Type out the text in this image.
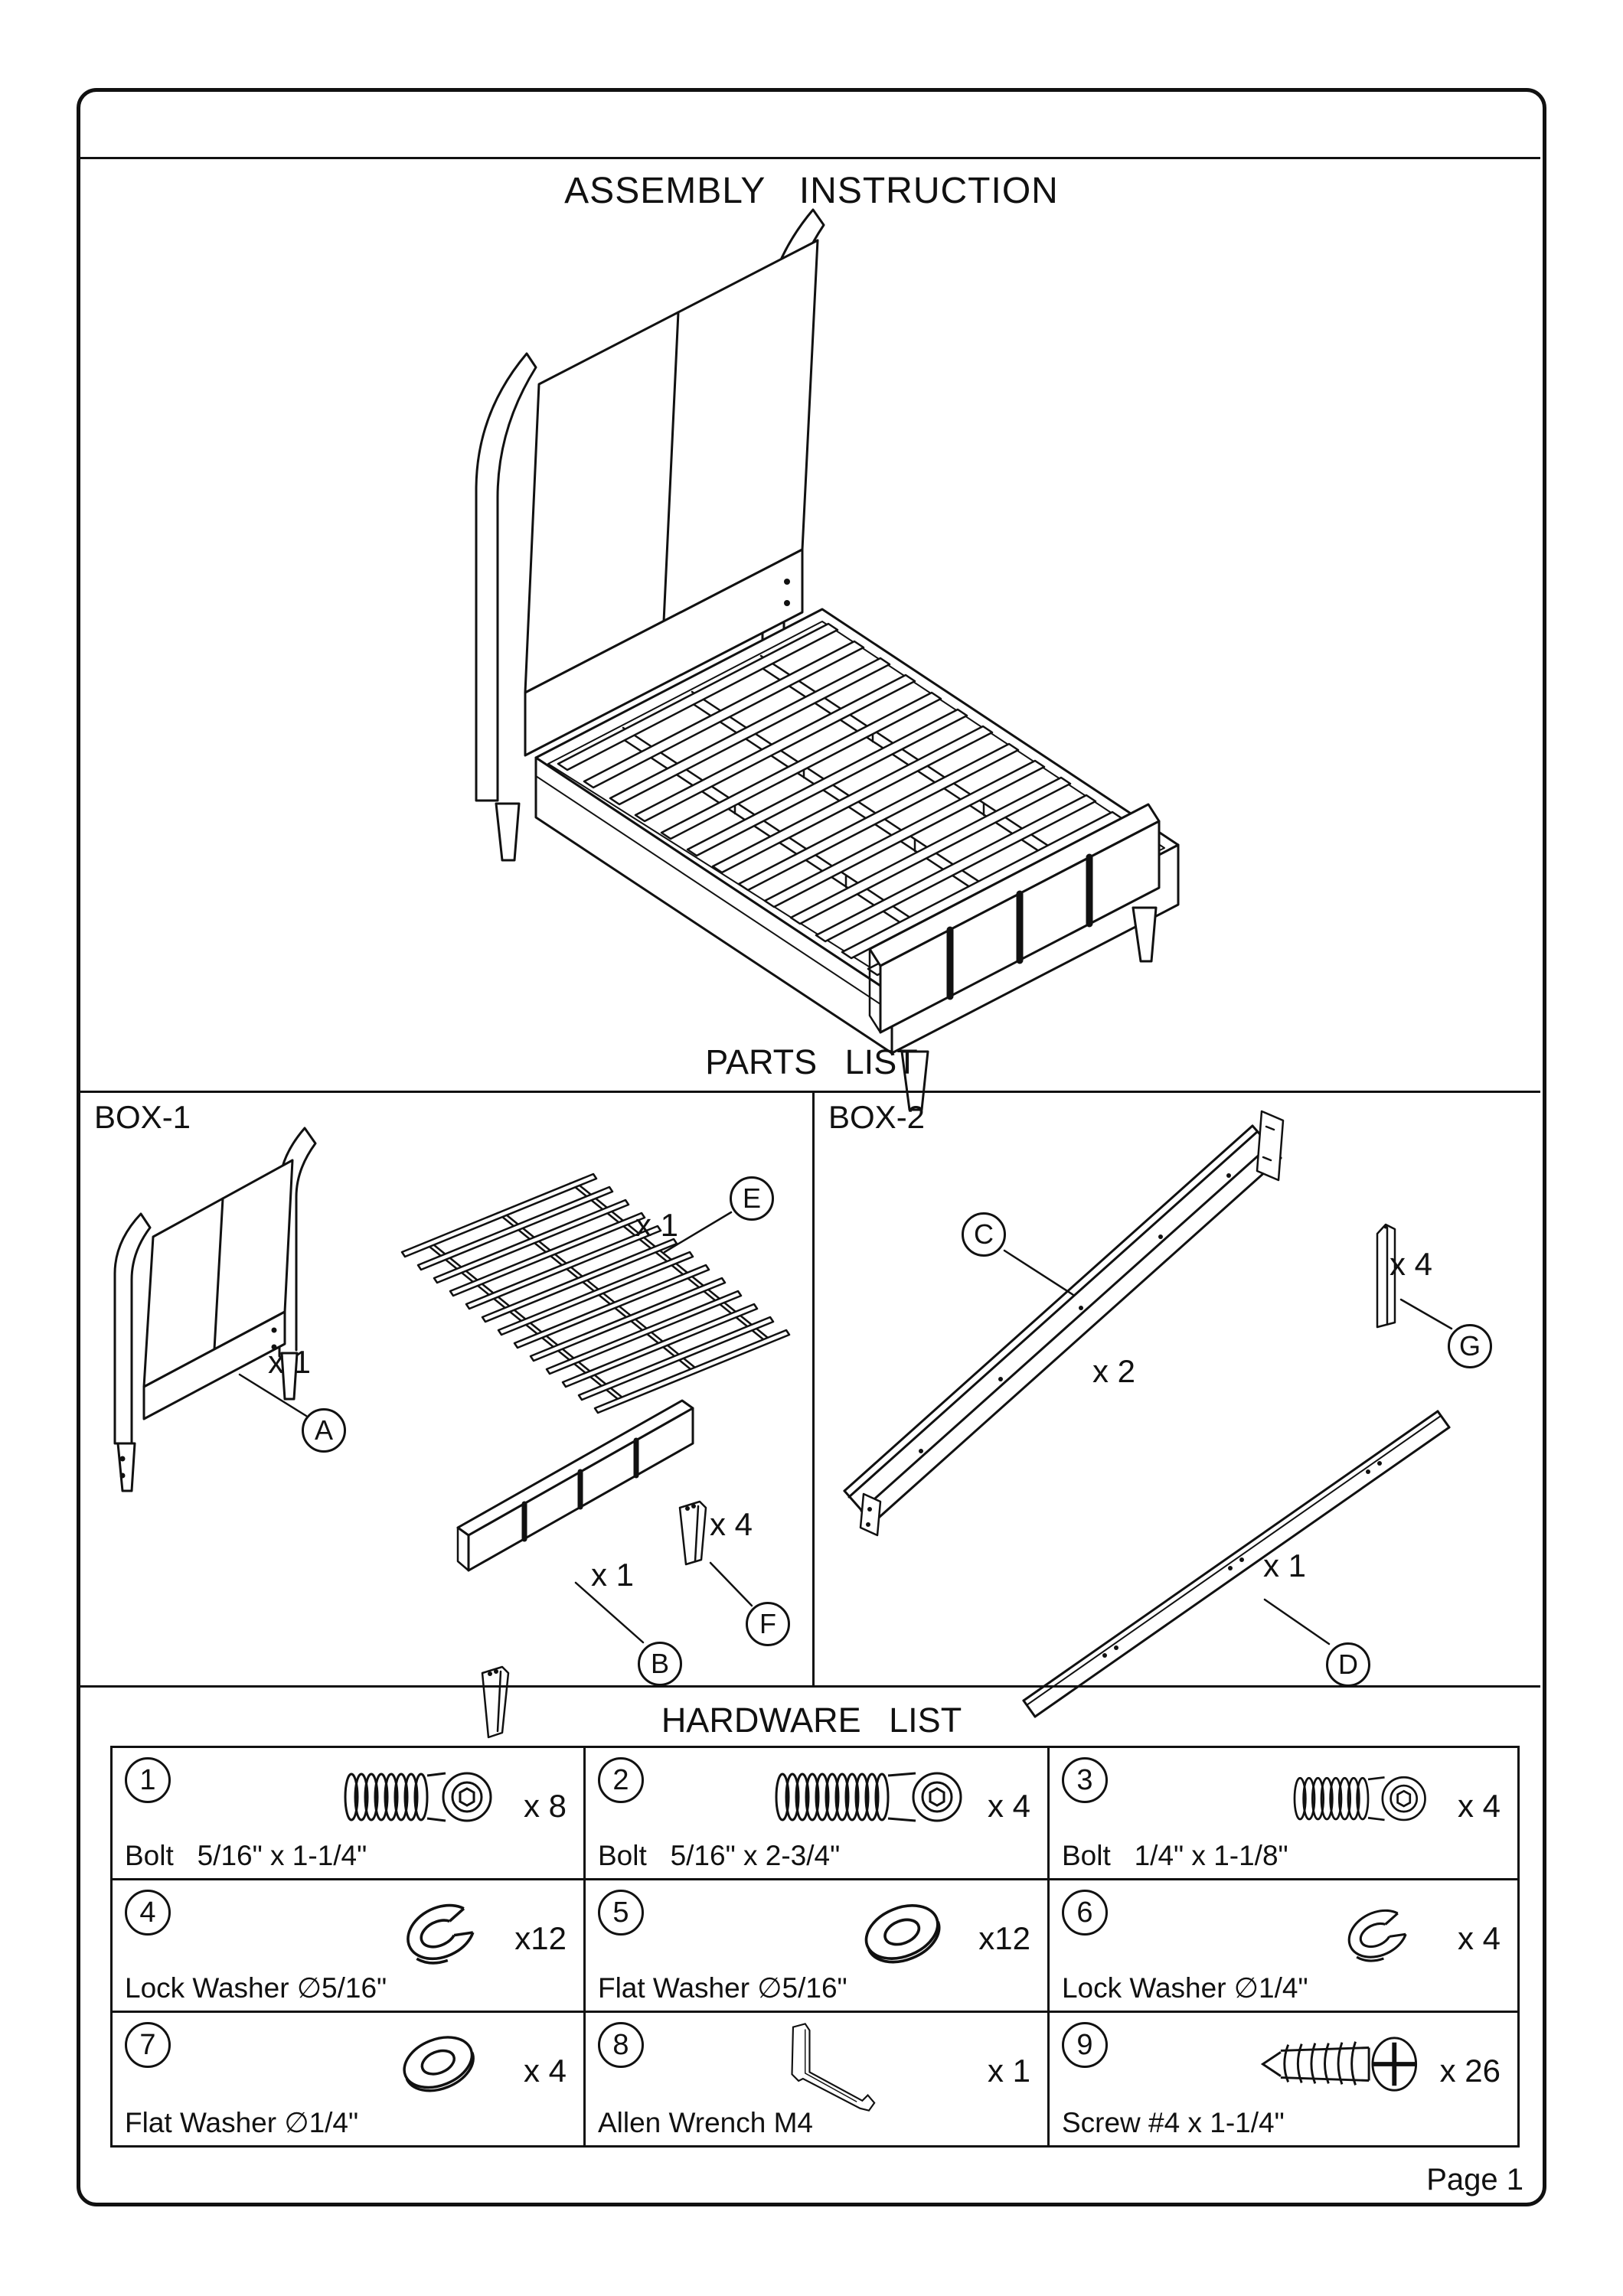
ASSEMBLY INSTRUCTION
PARTS LIST
BOX-1	BOX-2
x 1
x 1
x 1
x 4
x 2
x 4
x 1
A
E
B
F
C
G
D
HARDWARE LIST
1
x 8
Bolt   5/16" x 1-1/4"
2
x 4
Bolt   5/16" x 2-3/4"
3
x 4
Bolt   1/4" x 1-1/8"
4
x12
Lock Washer ∅5/16"
5
x12
Flat Washer ∅5/16"
6
x 4
Lock Washer ∅1/4"
7
x 4
Flat Washer ∅1/4"
8
x 1
Allen Wrench M4
9
x 26
Screw #4 x 1-1/4"
Page 1
